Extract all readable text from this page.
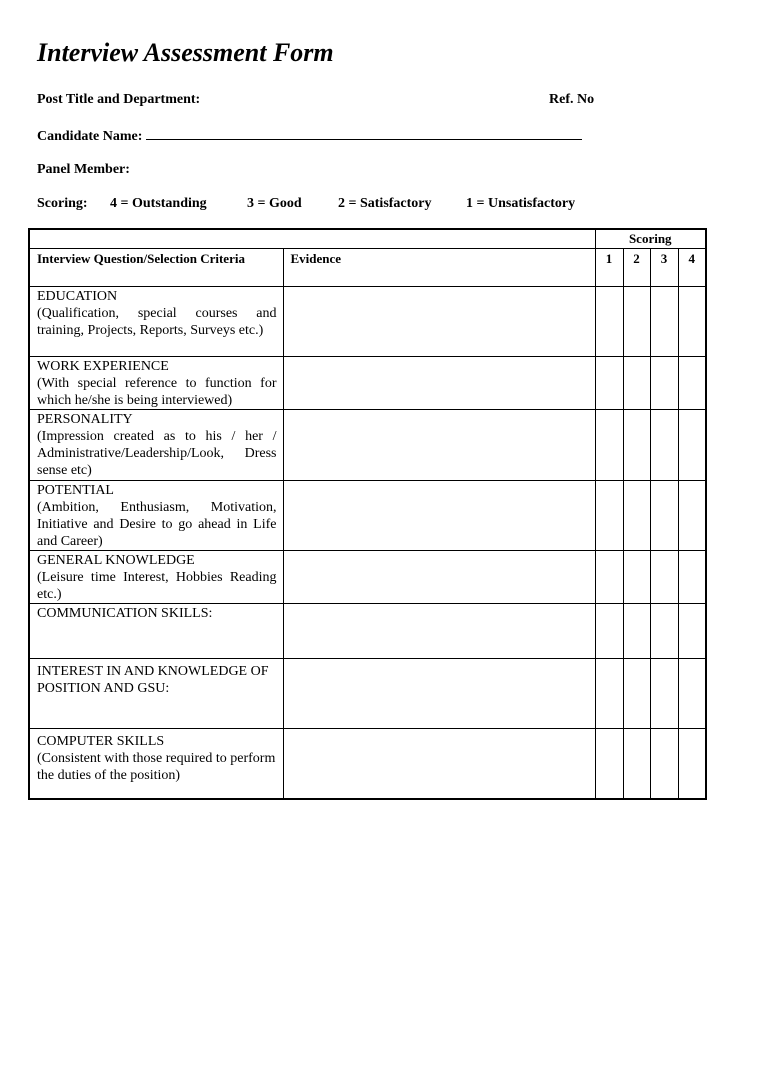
Interview Assessment Form
Post Title and Department:	Ref. No
Candidate Name:
Panel Member:
Scoring: 4 = Outstanding	3 = Good	2 = Satisfactory 1 = Unsatisfactory
		Scoring			
Interview Question/Selection Criteria	Evidence	1	2	3	4

EDUCATION
(Qualification, special courses and training, Projects, Reports, Surveys etc.)					

WORK EXPERIENCE
(With special reference to function for which he/she is being interviewed)					

PERSONALITY
(Impression created as to his / her / Administrative/Leadership/Look, Dress sense etc)					

POTENTIAL
(Ambition, Enthusiasm, Motivation, Initiative and Desire to go ahead in Life and Career)					

GENERAL KNOWLEDGE
(Leisure time Interest, Hobbies Reading etc.)					

COMMUNICATION SKILLS:					

INTEREST IN AND KNOWLEDGE OF POSITION AND GSU:					

COMPUTER SKILLS
(Consistent with those required to perform the duties of the position)					
